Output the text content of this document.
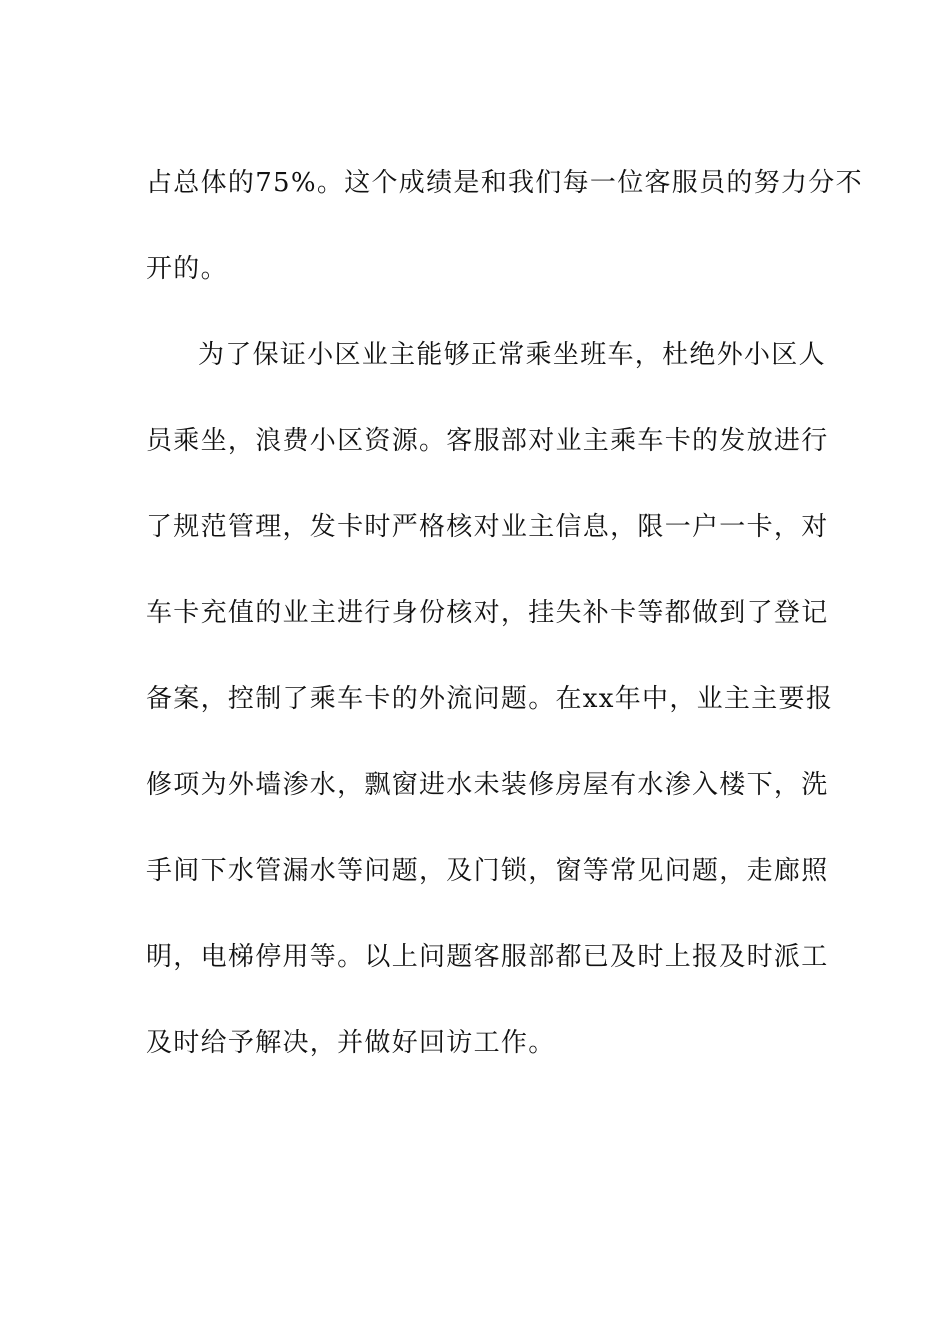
占总体的75%。这个成绩是和我们每一位客服员的努力分不
开的。
为了保证小区业主能够正常乘坐班车，杜绝外小区人
员乘坐，浪费小区资源。客服部对业主乘车卡的发放进行
了规范管理，发卡时严格核对业主信息，限一户一卡，对
车卡充值的业主进行身份核对，挂失补卡等都做到了登记
备案，控制了乘车卡的外流问题。在xx年中，业主主要报
修项为外墙渗水，飘窗进水未装修房屋有水渗入楼下，洗
手间下水管漏水等问题，及门锁，窗等常见问题，走廊照
明，电梯停用等。以上问题客服部都已及时上报及时派工
及时给予解决，并做好回访工作。
